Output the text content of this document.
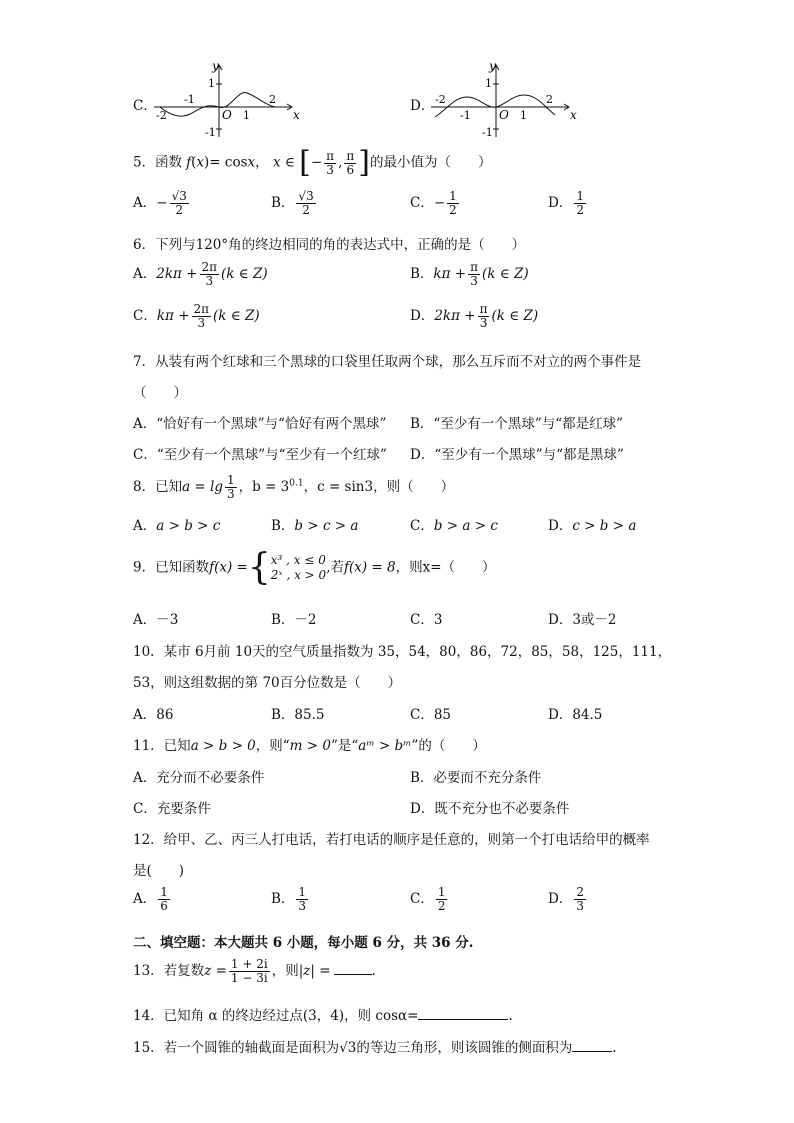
C．
y
x
O
-2
-1
1
2
1
-1
D．
y
x
O
-2
-1	1
2
1
-1
5．函数 f(x)= cosx， x ∈ [− $\frac{\pi}{3}$ , $\frac{\pi}{6}$ ]的最小值为（　　）
A．− $\frac{√3}{2}$	B． $\frac{√3}{2}$	C．− $\frac{1}{2}$	D． $\frac{1}{2}$
6．下列与120°角的终边相同的角的表达式中，正确的是（　　）
A．$2k\pi + \frac{2\pi}{3} (k$ ∈ Z)	B．$k\pi + \frac{\pi}{3} (k$ ∈ Z)
C．$k\pi + \frac{2\pi}{3} (k$ ∈ Z)	D．$2k\pi + \frac{\pi}{3} (k$ ∈ Z)
7．从装有两个红球和三个黑球的口袋里任取两个球，那么互斥而不对立的两个事件是
（　　）
A．“恰好有一个黑球”与“恰好有两个黑球” B．“至少有一个黑球”与“都是红球”
C．“至少有一个黑球”与“至少有一个红球” D．“至少有一个黑球”与“都是黑球”
8．已知$a = \lg \frac{1}{3}$ ，$b = 3^{0.1}$，c = sin3，则（　　）
A．a > b > c	B．b > c > a	C．b > a > c	D．c > b > a
9．已知函数f(x) ={ x³ , x ≤ 0
2ˣ , x > 0 ,若f(x) = 8，则x=（　　）
A．－3	B．－2	C．3	D．3或－2
10．某市 6月前 10天的空气质量指数为 35，54，80，86，72，85，58，125，111，
53，则这组数据的第 70百分位数是（　　）
A．86	B．85.5	C．85	D．84.5
11．已知a > b > 0，则“m > 0”是“aᵐ > bᵐ”的（　　）
A．充分而不必要条件	B．必要而不充分条件
C．充要条件	D．既不充分也不必要条件
12．给甲、乙、丙三人打电话，若打电话的顺序是任意的，则第一个打电话给甲的概率
是(　　)
A． $\frac{1}{6}$	B． $\frac{1}{3}$	C． $\frac{1}{2}$	D． $\frac{2}{3}$
二、填空题：本大题共 6 小题，每小题 6 分，共 36 分.
13．若复数$z = \frac{1 + 2i}{1 - 3i}$ ，则|z| =	.
14．已知角 α 的终边经过点(3，4)，则 cosα=	.
15．若一个圆锥的轴截面是面积为√3的等边三角形，则该圆锥的侧面积为	.
